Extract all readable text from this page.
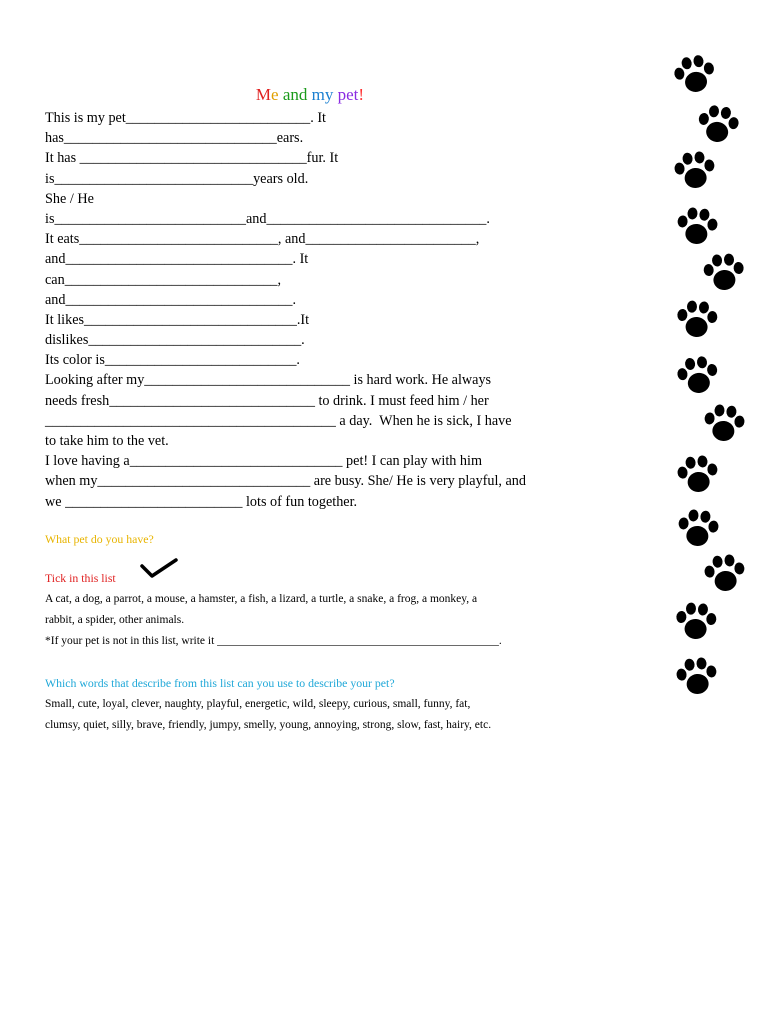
Me and my pet!
This is my pet__________________________. It
has______________________________ears.
It has ________________________________fur. It
is____________________________years old.
She / He
is___________________________and_______________________________.
It eats____________________________, and________________________,
and________________________________. It
can______________________________,
and________________________________.
It likes______________________________.It
dislikes______________________________.
Its color is___________________________.
Looking after my_____________________________ is hard work. He always
needs fresh_____________________________ to drink. I must feed him / her
_________________________________________ a day.  When he is sick, I have
to take him to the vet.
I love having a______________________________ pet! I can play with him
when my______________________________ are busy. She/ He is very playful, and
we _________________________ lots of fun together.
What pet do you have?
Tick in this list
A cat, a dog, a parrot, a mouse, a hamster, a fish, a lizard, a turtle, a snake, a frog, a monkey, a
rabbit, a spider, other animals.
*If your pet is not in this list, write it _________________________________________________.
Which words that describe from this list can you use to describe your pet?
Small, cute, loyal, clever, naughty, playful, energetic, wild, sleepy, curious, small, funny, fat,
clumsy, quiet, silly, brave, friendly, jumpy, smelly, young, annoying, strong, slow, fast, hairy, etc.
